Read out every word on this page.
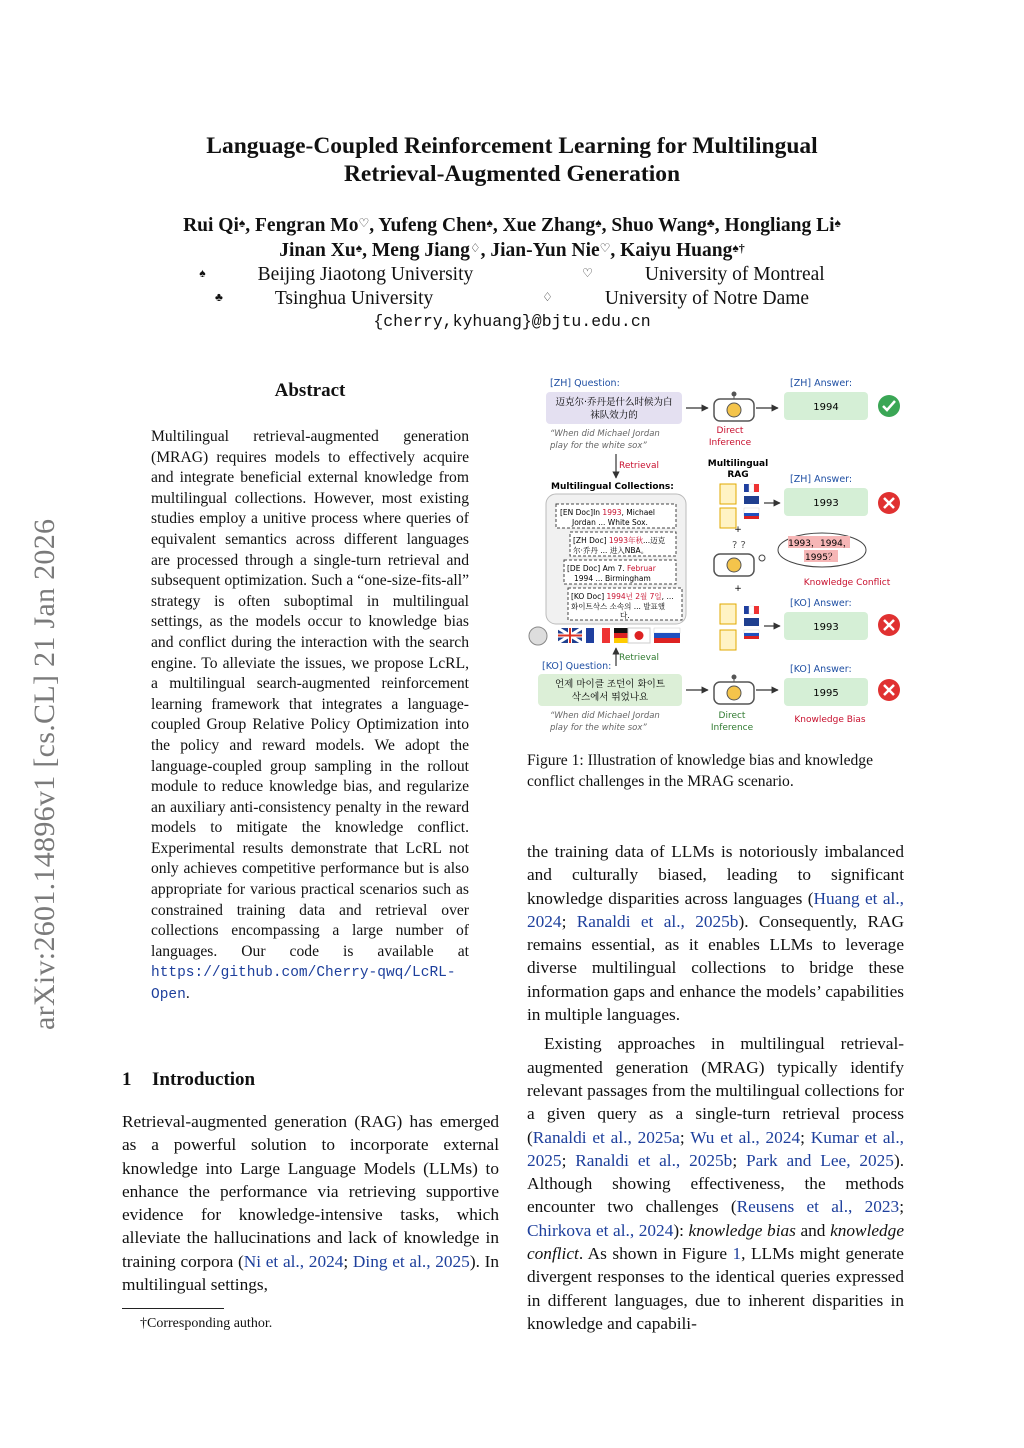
arXiv:2601.14896v1 [cs.CL] 21 Jan 2026
Language-Coupled Reinforcement Learning for Multilingual
Retrieval-Augmented Generation
Rui Qi♠, Fengran Mo♡, Yufeng Chen♠, Xue Zhang♠, Shuo Wang♣, Hongliang Li♠
Jinan Xu♠, Meng Jiang♢, Jian-Yun Nie♡, Kaiyu Huang♠†
♠	Beijing Jiaotong University	♡	University of Montreal
♣	Tsinghua University	♢	University of Notre Dame
{cherry,kyhuang}@bjtu.edu.cn
Abstract
Multilingual retrieval-augmented generation (MRAG) requires models to effectively acquire and integrate beneficial external knowledge from multilingual collections. However, most existing studies employ a unitive process where queries of equivalent semantics across different languages are processed through a single-turn retrieval and subsequent optimization. Such a “one-size-fits-all” strategy is often suboptimal in multilingual settings, as the models occur to knowledge bias and conflict during the interaction with the search engine. To alleviate the issues, we propose LcRL, a multilingual search-augmented reinforcement learning framework that integrates a language-coupled Group Relative Policy Optimization into the policy and reward models. We adopt the language-coupled group sampling in the rollout module to reduce knowledge bias, and regularize an auxiliary anti-consistency penalty in the reward models to mitigate the knowledge conflict. Experimental results demonstrate that LcRL not only achieves competitive performance but is also appropriate for various practical scenarios such as constrained training data and retrieval over collections encompassing a large number of languages. Our code is available at https://github.com/Cherry-qwq/LcRL-Open.
1 Introduction
Retrieval-augmented generation (RAG) has emerged as a powerful solution to incorporate external knowledge into Large Language Models (LLMs) to enhance the performance via retrieving supportive evidence for knowledge-intensive tasks, which alleviate the hallucinations and lack of knowledge in training corpora (Ni et al., 2024; Ding et al., 2025). In multilingual settings,
†Corresponding author.
[ZH] Question:
迈克尔·乔丹是什么时候为白
袜队效力的
“When did Michael Jordan
play for the white sox”
Direct
Inference
[ZH] Answer:
1994
Retrieval
Multilingual Collections:
[EN Doc]In 1993, Michael
Jordan ... White Sox.
[ZH Doc] 1993年秋...迈克
尔·乔丹 ... 进入NBA。
[DE Doc] Am 7. Februar
1994 ... Birmingham
[KO Doc] 1994년 2월 7일, ...
화이트삭스 소속의 ... 발표했
다.
Retrieval
Multilingual
RAG
+
[ZH] Answer:
1993
? ?	1993，1994，
1995？
Knowledge Conflict
+
[KO] Answer:
1993
[KO] Question:
언제 마이클 조던이 화이트
삭스에서 뛰었나요
“When did Michael Jordan
play for the white sox”
Direct
Inference
[KO] Answer:
1995
Knowledge Bias
Figure 1: Illustration of knowledge bias and knowledge conflict challenges in the MRAG scenario.

the training data of LLMs is notoriously imbalanced and culturally biased, leading to significant knowledge disparities across languages (Huang et al., 2024; Ranaldi et al., 2025b). Consequently, RAG remains essential, as it enables LLMs to leverage diverse multilingual collections to bridge these information gaps and enhance the models’ capabilities in multiple languages.

Existing approaches in multilingual retrieval-augmented generation (MRAG) typically identify relevant passages from the multilingual collections for a given query as a single-turn retrieval process (Ranaldi et al., 2025a; Wu et al., 2024; Kumar et al., 2025; Ranaldi et al., 2025b; Park and Lee, 2025). Although showing effectiveness, the methods encounter two challenges (Reusens et al., 2023; Chirkova et al., 2024): knowledge bias and knowledge conflict. As shown in Figure 1, LLMs might generate divergent responses to the identical queries expressed in different languages, due to inherent disparities in knowledge and capabili-
